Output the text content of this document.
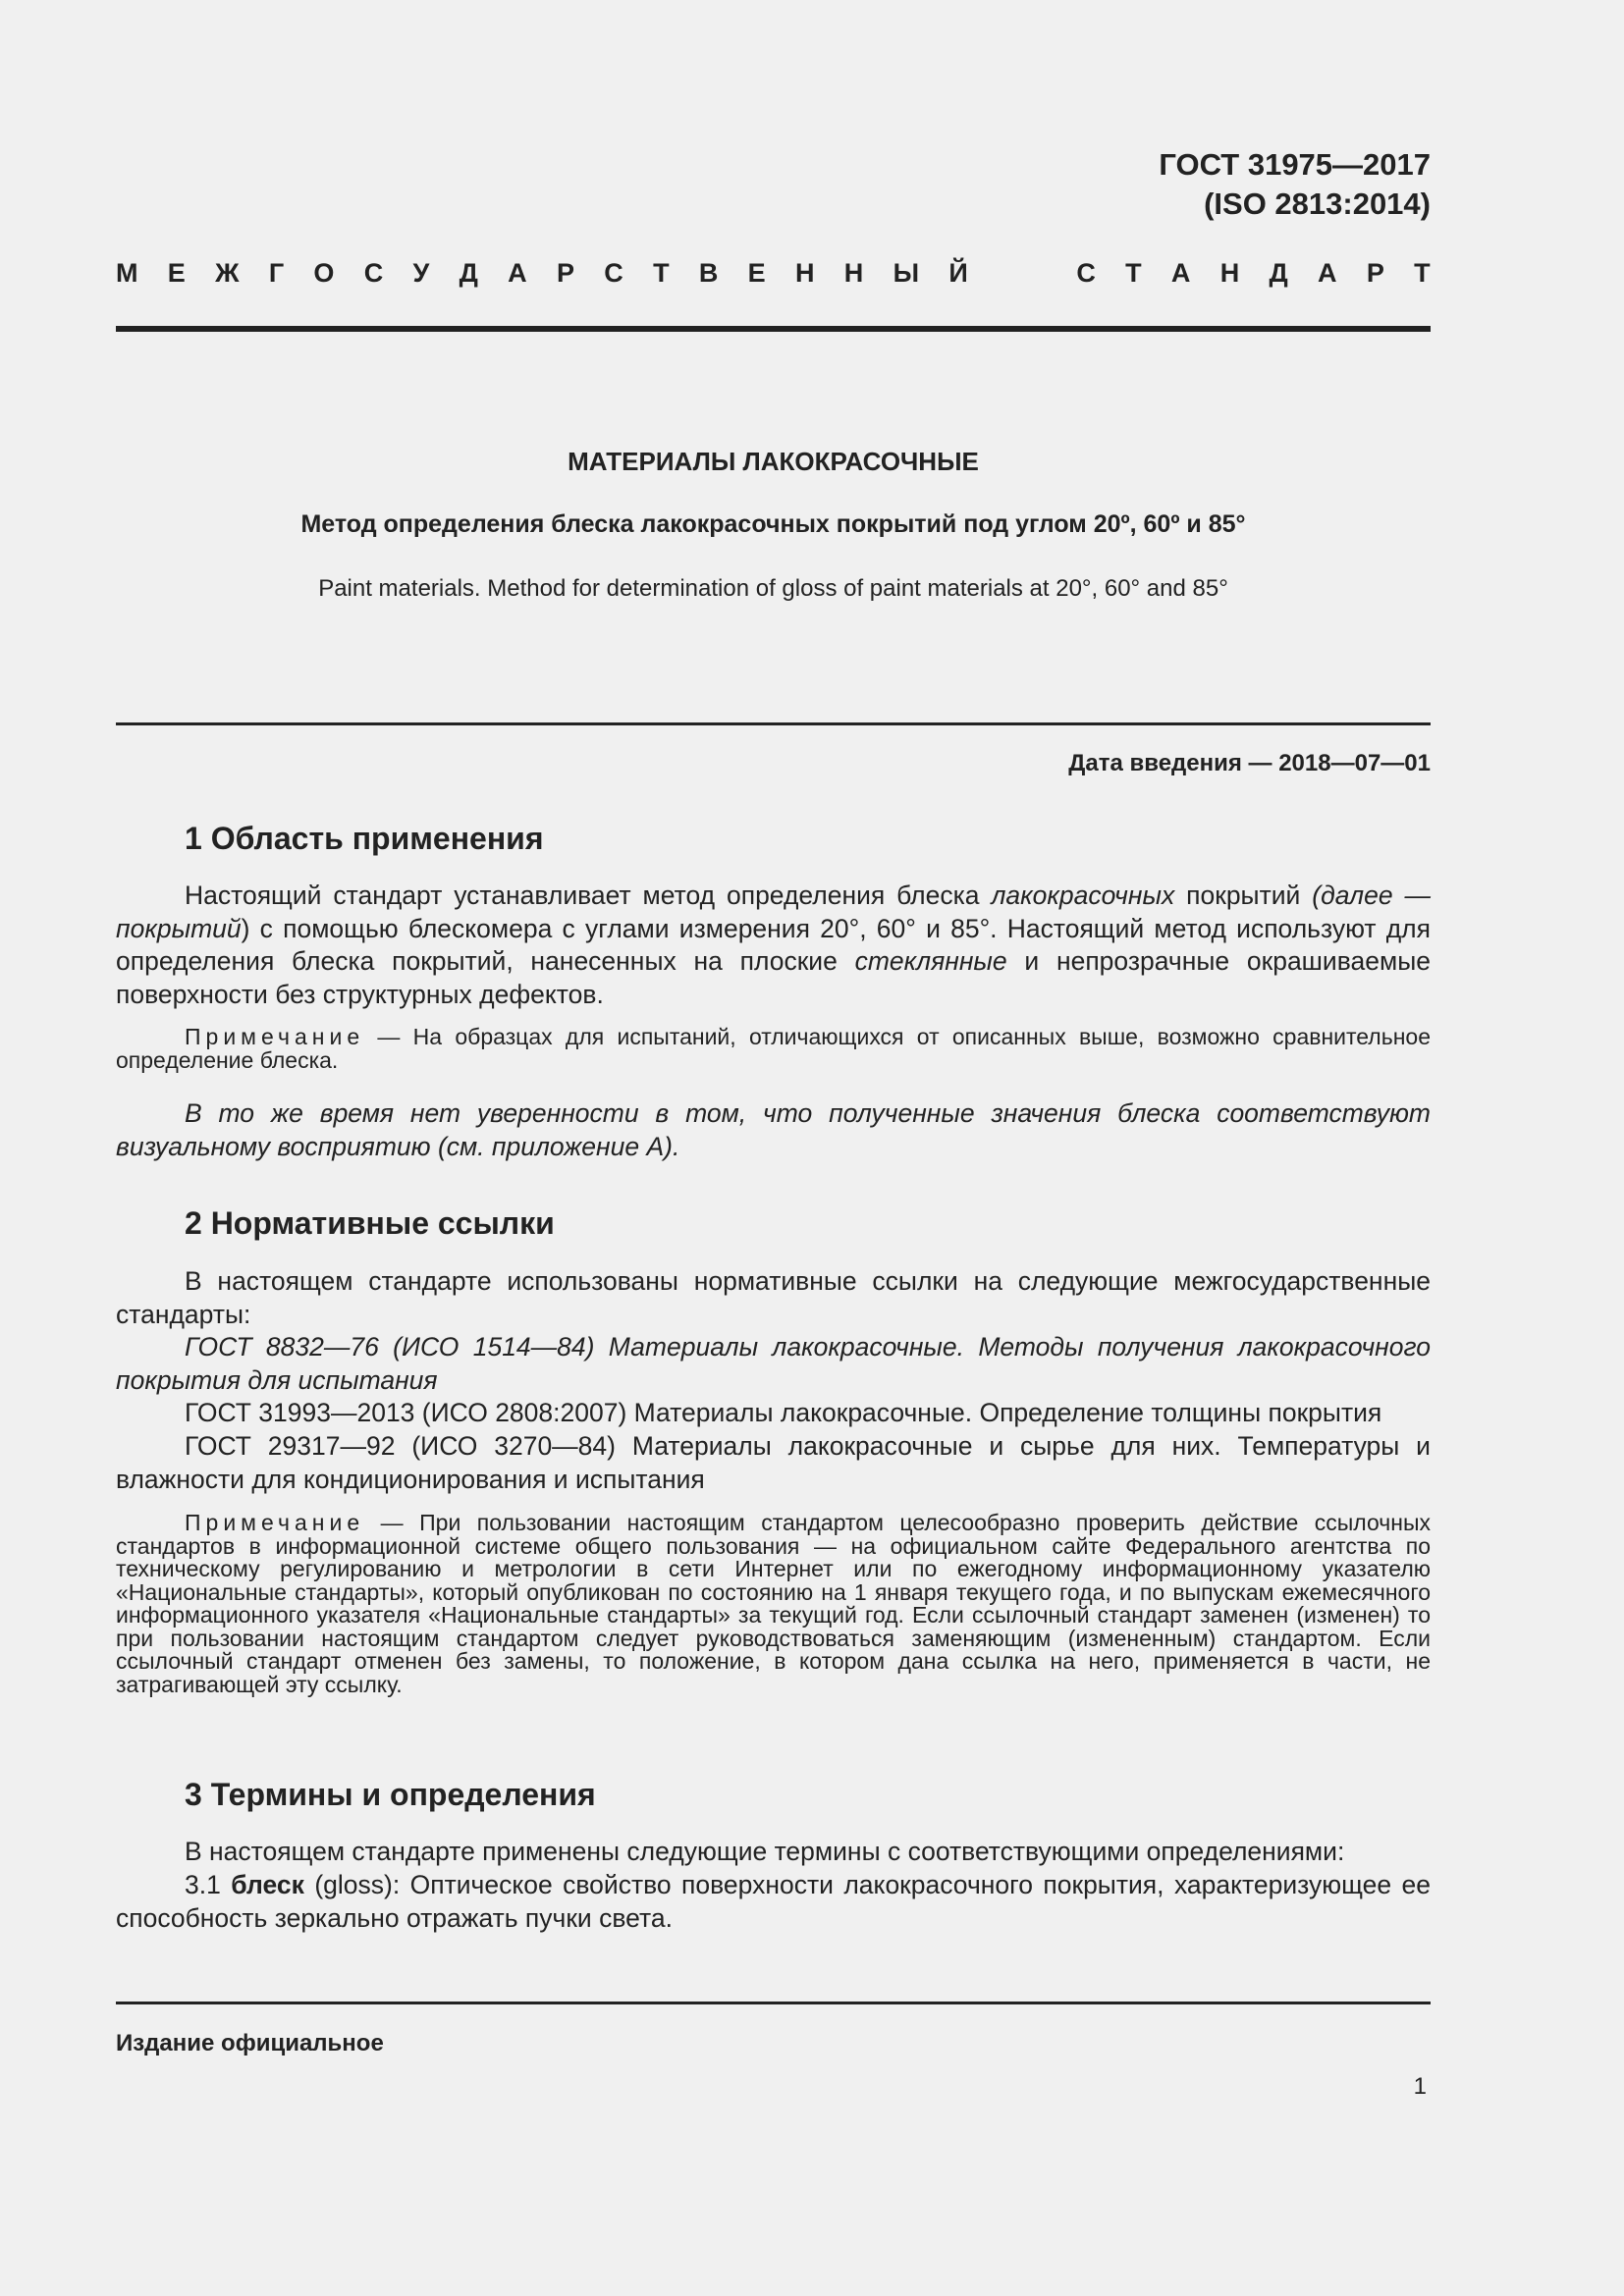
ГОСТ 31975—2017
(ISO 2813:2014)
М Е Ж Г О С У Д А Р С Т В Е Н Н Ы Й	С Т А Н Д А Р Т
МАТЕРИАЛЫ ЛАКОКРАСОЧНЫЕ
Метод определения блеска лакокрасочных покрытий под углом 20º, 60º и 85°
Paint materials. Method for determination of gloss of paint materials at 20°, 60° and 85°
Дата введения — 2018—07—01
1 Область применения

Настоящий стандарт устанавливает метод определения блеска лакокрасочных покрытий (далее — покрытий) с помощью блескомера с углами измерения 20°, 60° и 85°. Настоящий метод используют для определения блеска покрытий, нанесенных на плоские стеклянные и непрозрачные окрашиваемые поверхности без структурных дефектов.

Примечание — На образцах для испытаний, отличающихся от описанных выше, возможно сравнительное определение блеска.

В то же время нет уверенности в том, что полученные значения блеска соответствуют визуальному восприятию (см. приложение А).

2 Нормативные ссылки

В настоящем стандарте использованы нормативные ссылки на следующие межгосударственные стандарты:

ГОСТ 8832—76 (ИСО 1514—84) Материалы лакокрасочные. Методы получения лакокрасочного покрытия для испытания

ГОСТ 31993—2013 (ИСО 2808:2007) Материалы лакокрасочные. Определение толщины покрытия

ГОСТ 29317—92 (ИСО 3270—84) Материалы лакокрасочные и сырье для них. Температуры и влажности для кондиционирования и испытания

Примечание — При пользовании настоящим стандартом целесообразно проверить действие ссылочных стандартов в информационной системе общего пользования — на официальном сайте Федерального агентства по техническому регулированию и метрологии в сети Интернет или по ежегодному информационному указателю «Национальные стандарты», который опубликован по состоянию на 1 января текущего года, и по выпускам ежемесячного информационного указателя «Национальные стандарты» за текущий год. Если ссылочный стандарт заменен (изменен) то при пользовании настоящим стандартом следует руководствоваться заменяющим (измененным) стандартом. Если ссылочный стандарт отменен без замены, то положение, в котором дана ссылка на него, применяется в части, не затрагивающей эту ссылку.

3 Термины и определения

В настоящем стандарте применены следующие термины с соответствующими определениями:

3.1 блеск (gloss): Оптическое свойство поверхности лакокрасочного покрытия, характеризующее ее способность зеркально отражать пучки света.

Издание официальное
1
